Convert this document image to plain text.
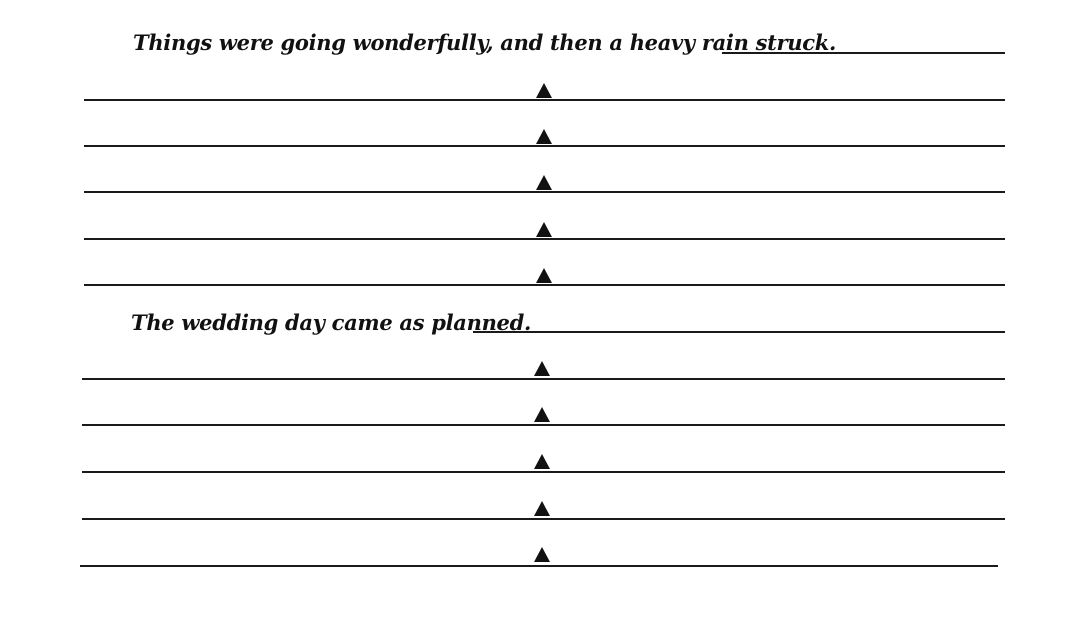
Things were going wonderfully, and then a heavy rain struck.
The wedding day came as planned.
